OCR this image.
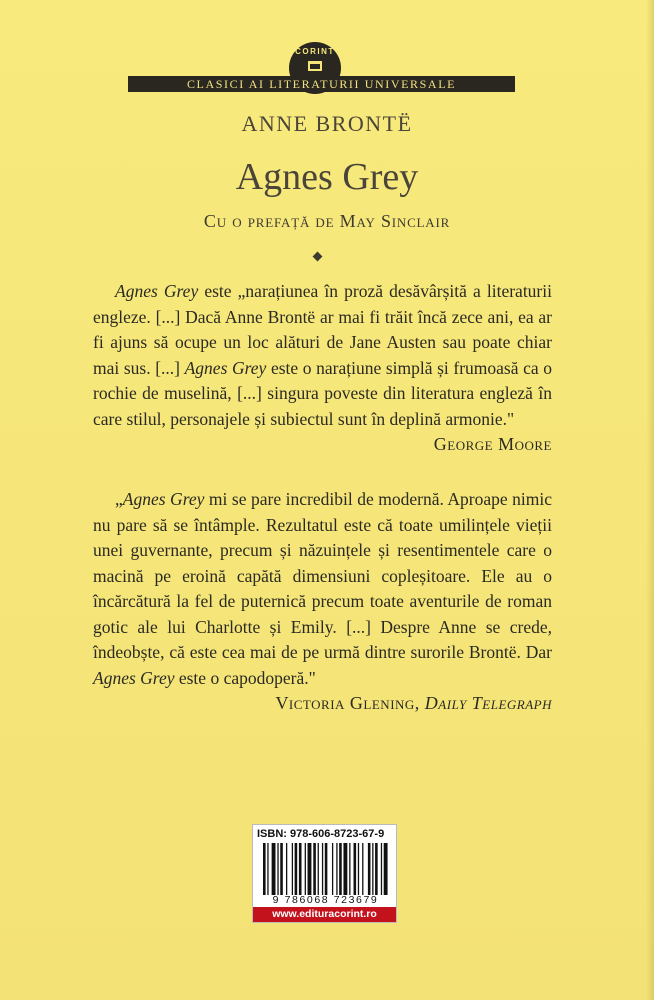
CORINT
CLASICI AI LITERATURII UNIVERSALE
ANNE BRONTË
Agnes Grey
Cu o prefață de May Sinclair

Agnes Grey este „narațiunea în proză desăvârșită a literaturii engleze. [...] Dacă Anne Brontë ar mai fi trăit încă zece ani, ea ar fi ajuns să ocupe un loc alături de Jane Austen sau poate chiar mai sus. [...] Agnes Grey este o narațiune simplă și frumoasă ca o rochie de muselină, [...] singura poveste din literatura engleză în care stilul, personajele și subiectul sunt în deplină armonie."

George Moore

„Agnes Grey mi se pare incredibil de modernă. Aproape nimic nu pare să se întâmple. Rezultatul este că toate umilințele vieții unei guvernante, precum și năzuințele și resentimentele care o macină pe eroină capătă dimensiuni copleșitoare. Ele au o încărcătură la fel de puternică precum toate aventurile de roman gotic ale lui Charlotte și Emily. [...] Despre Anne se crede, îndeobște, că este cea mai de pe urmă dintre surorile Brontë. Dar Agnes Grey este o capodoperă."

Victoria Glening, Daily Telegraph
ISBN: 978-606-8723-67-9
9 786068 723679
www.edituracorint.ro
